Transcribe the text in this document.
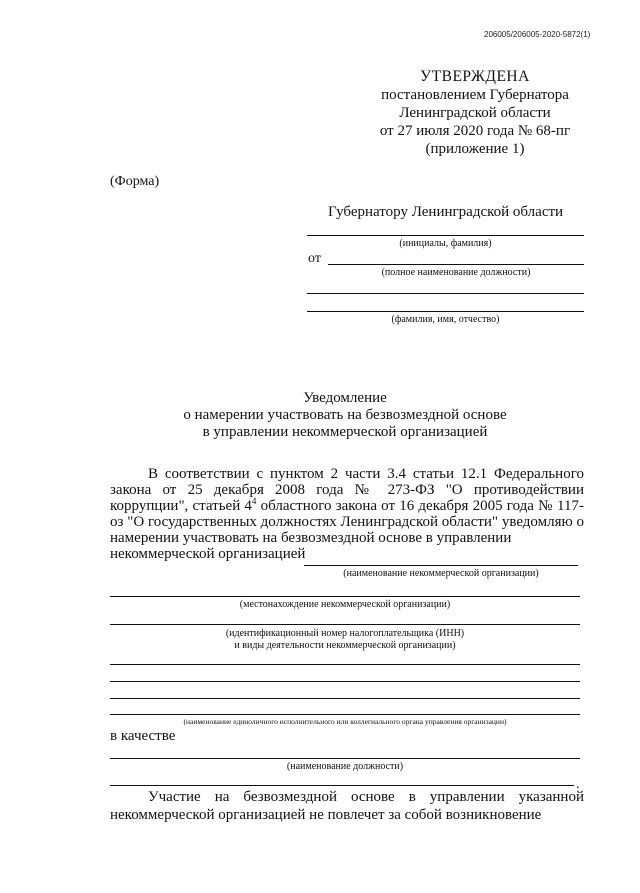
206005/206005-2020-5872(1)
УТВЕРЖДЕНА
постановлением Губернатора
Ленинградской области
от 27 июля 2020 года № 68-пг
(приложение 1)
(Форма)
Губернатору Ленинградской области
(инициалы, фамилия)
от
(полное наименование должности)
(фамилия, имя, отчество)
Уведомление
о намерении участвовать на безвозмездной основе
в управлении некоммерческой организацией

В соответствии с пунктом 2 части 3.4 статьи 12.1 Федерального закона от 25 декабря 2008 года № 273-ФЗ "О противодействии коррупции", статьей $4^4$ областного закона от 16 декабря 2005 года № 117-оз "О государственных должностях Ленинградской области" уведомляю о намерении участвовать на безвозмездной основе в управлении
некоммерческой организацией

(наименование некоммерческой организации)
(местонахождение некоммерческой организации)
(идентификационный номер налогоплательщика (ИНН)
и виды деятельности некоммерческой организации)
(наименование единоличного исполнительного или коллегиального органа управления организации)
в качестве
(наименование должности)
.

Участие на безвозмездной основе в управлении указанной некоммерческой организацией не повлечет за собой возникновение
